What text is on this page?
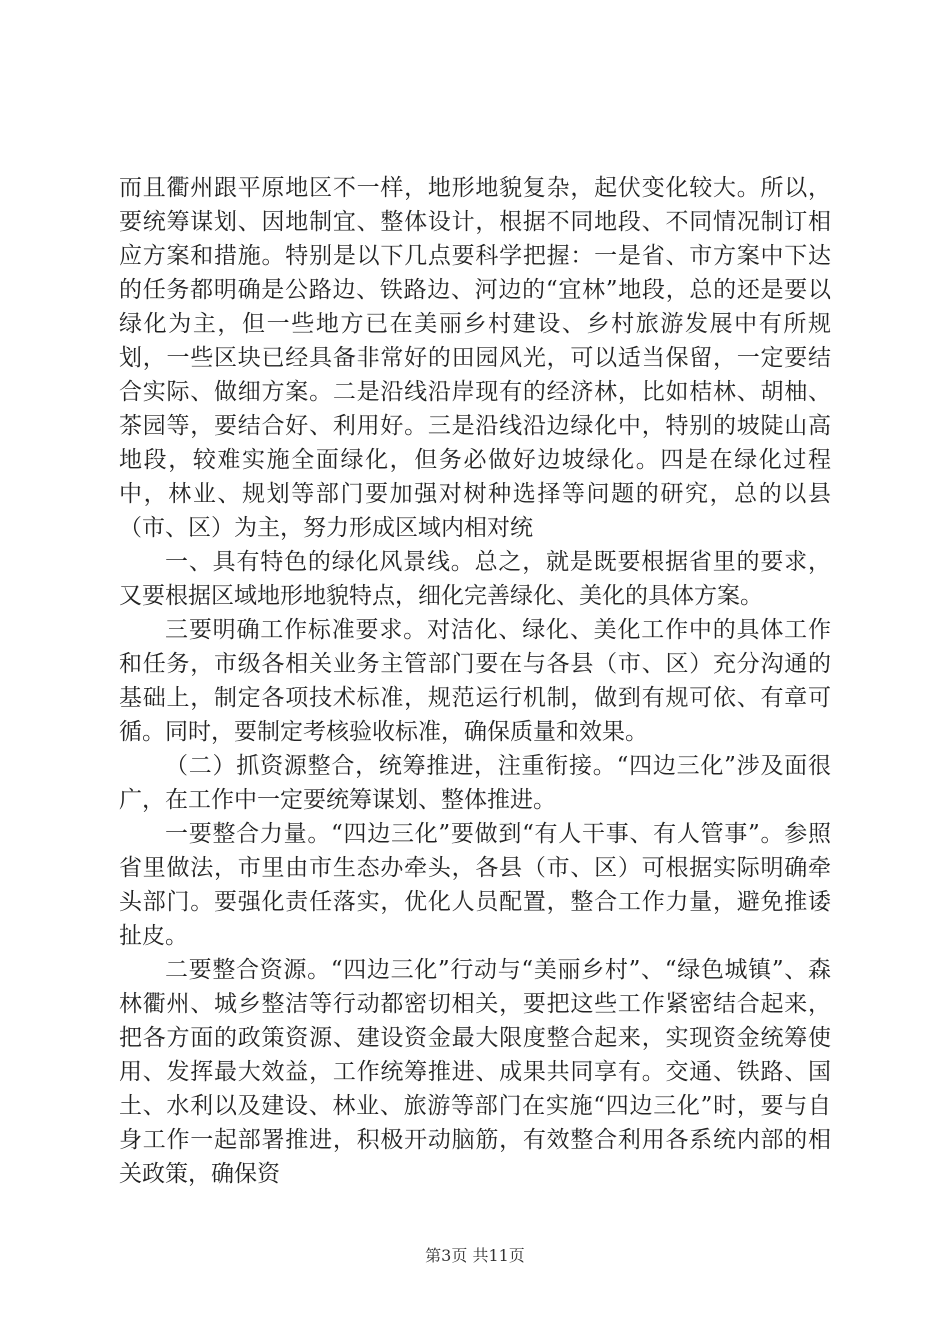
而且衢州跟平原地区不一样，地形地貌复杂，起伏变化较大。所以，要统筹谋划、因地制宜、整体设计，根据不同地段、不同情况制订相应方案和措施。特别是以下几点要科学把握：一是省、市方案中下达的任务都明确是公路边、铁路边、河边的“宜林”地段，总的还是要以绿化为主，但一些地方已在美丽乡村建设、乡村旅游发展中有所规划，一些区块已经具备非常好的田园风光，可以适当保留，一定要结合实际、做细方案。二是沿线沿岸现有的经济林，比如桔林、胡柚、茶园等，要结合好、利用好。三是沿线沿边绿化中，特别的坡陡山高地段，较难实施全面绿化，但务必做好边坡绿化。四是在绿化过程中，林业、规划等部门要加强对树种选择等问题的研究，总的以县（市、区）为主，努力形成区域内相对统

一、具有特色的绿化风景线。总之，就是既要根据省里的要求，又要根据区域地形地貌特点，细化完善绿化、美化的具体方案。

三要明确工作标准要求。对洁化、绿化、美化工作中的具体工作和任务，市级各相关业务主管部门要在与各县（市、区）充分沟通的基础上，制定各项技术标准，规范运行机制，做到有规可依、有章可循。同时，要制定考核验收标准，确保质量和效果。

（二）抓资源整合，统筹推进，注重衔接。“四边三化”涉及面很广，在工作中一定要统筹谋划、整体推进。

一要整合力量。“四边三化”要做到“有人干事、有人管事”。参照省里做法，市里由市生态办牵头，各县（市、区）可根据实际明确牵头部门。要强化责任落实，优化人员配置，整合工作力量，避免推诿扯皮。

二要整合资源。“四边三化”行动与“美丽乡村”、“绿色城镇”、森林衢州、城乡整洁等行动都密切相关，要把这些工作紧密结合起来，把各方面的政策资源、建设资金最大限度整合起来，实现资金统筹使用、发挥最大效益，工作统筹推进、成果共同享有。交通、铁路、国土、水利以及建设、林业、旅游等部门在实施“四边三化”时，要与自身工作一起部署推进，积极开动脑筋，有效整合利用各系统内部的相关政策，确保资

第3页 共11页
